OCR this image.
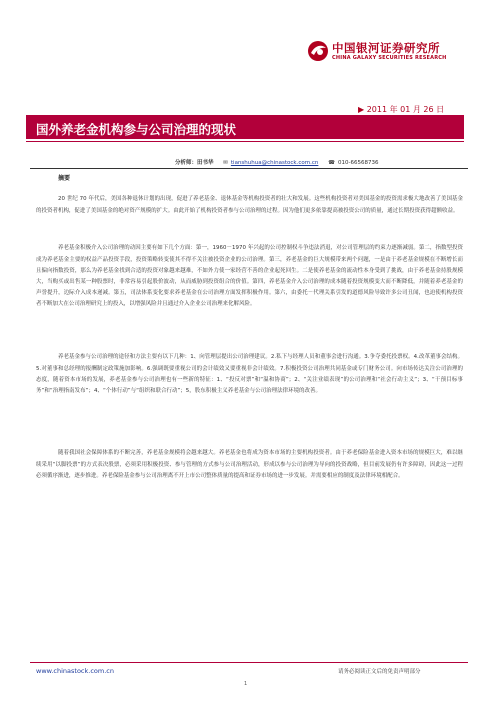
中国银河证券研究所
CHINA GALAXY SECURITIES RESEARCH
▶ 2011 年 01 月 26 日
国外养老金机构参与公司治理的现状
分析师：田书华 ✉ tianshuhua@chinastock.com.cn ☎ 010-66568736
摘要

20 世纪 70 年代后，美国各种退休计划的出现，促进了养老基金、退休基金等机构投资者的壮大和发展。这些机构投资者对美国基金的投资需求极大地改善了美国基金的投资者机构，促进了美国基金的绝对资产规模的扩大。由此开始了机构投资者参与公司治理的过程。因为他们更多依靠提高被投资公司的质量，通过长期投资获得超额收益。

养老基金积极介入公司治理的动因主要有如下几个方面：第一，1960－1970 年兴起的公司控制权斗争违法消退，对公司管理层的约束力逐渐减弱。第二，指数型投资成为养老基金主要的权益产品投资手段，投资策略转变使其不得不关注被投资企业的公司治理。第三，养老基金的巨大规模带来两个问题，一是由于养老基金规模在不断增长而且偏向指数投资，那么为养老基金找到合适的投资对象越来越难，不如外力使一家经营不善的企业起死回生。二是使养老基金的流动性本身受到了挑战，由于养老基金持股规模大，当购买或出售某一种股票时，非常容易引起股价波动，从而威胁到投资组合的价值。第四，养老基金介入公司治理的成本随着投资规模变大而不断降低，并随着养老基金的声誉提升，边际介入成本递减。第五，司法体系变化要求养老基金在公司治理方面发挥积极作用。第六，由委托－代理关系引发的道德风险导致许多公司丑闻，也迫使机构投资者不断加大在公司治理研究上的投入，以增强风险并且通过介入企业公司治理来化解风险。

养老基金参与公司治理的途径和方法主要有以下几种：1、向管理层提出公司治理建议。2.私下与经理人员和董事会进行沟通。3.争夺委托投票权。4.改革董事会结构。5.对董事和总经理的报酬制定政策施加影响。6.强调既要重视公司的会计绩效又要重视非会计绩效。7.积极投资公司治理共同基金或专门财务公司。向市场传达关注公司治理的态度，随着资本市场的发展，养老基金参与公司治理也有一些新的特征：1、“投反对票”和“温和协商”；2、“关注业绩表现”的公司治理和“社会行动主义”；3、“干预目标事务”和“治理指南发布”；4、“个体行动”与“组织和联合行动”；5，股东积极主义养老基金与公司治理法律环境的改善。

随着我国社会保障体系的不断完善，养老基金规模将会越来越大。养老基金也将成为资本市场的主要机构投资者。由于养老保险基金进入资本市场的规模巨大，难以继续采用“以脚投票”的方式表决股票，必须采用积极投资、参与管理的方式参与公司治理活动，形成以参与公司治理为导向的投资战略，但目前发展仍有许多障碍，因此这一过程必须循序渐进，逐步推进。养老保险基金参与公司治理离不开上市公司整体质量的提高和证券市场的进一步发展。并需要相应的制度及法律环境相配合。

www.chinastock.com.cn	请务必阅读正文后的免责声明部分
1
